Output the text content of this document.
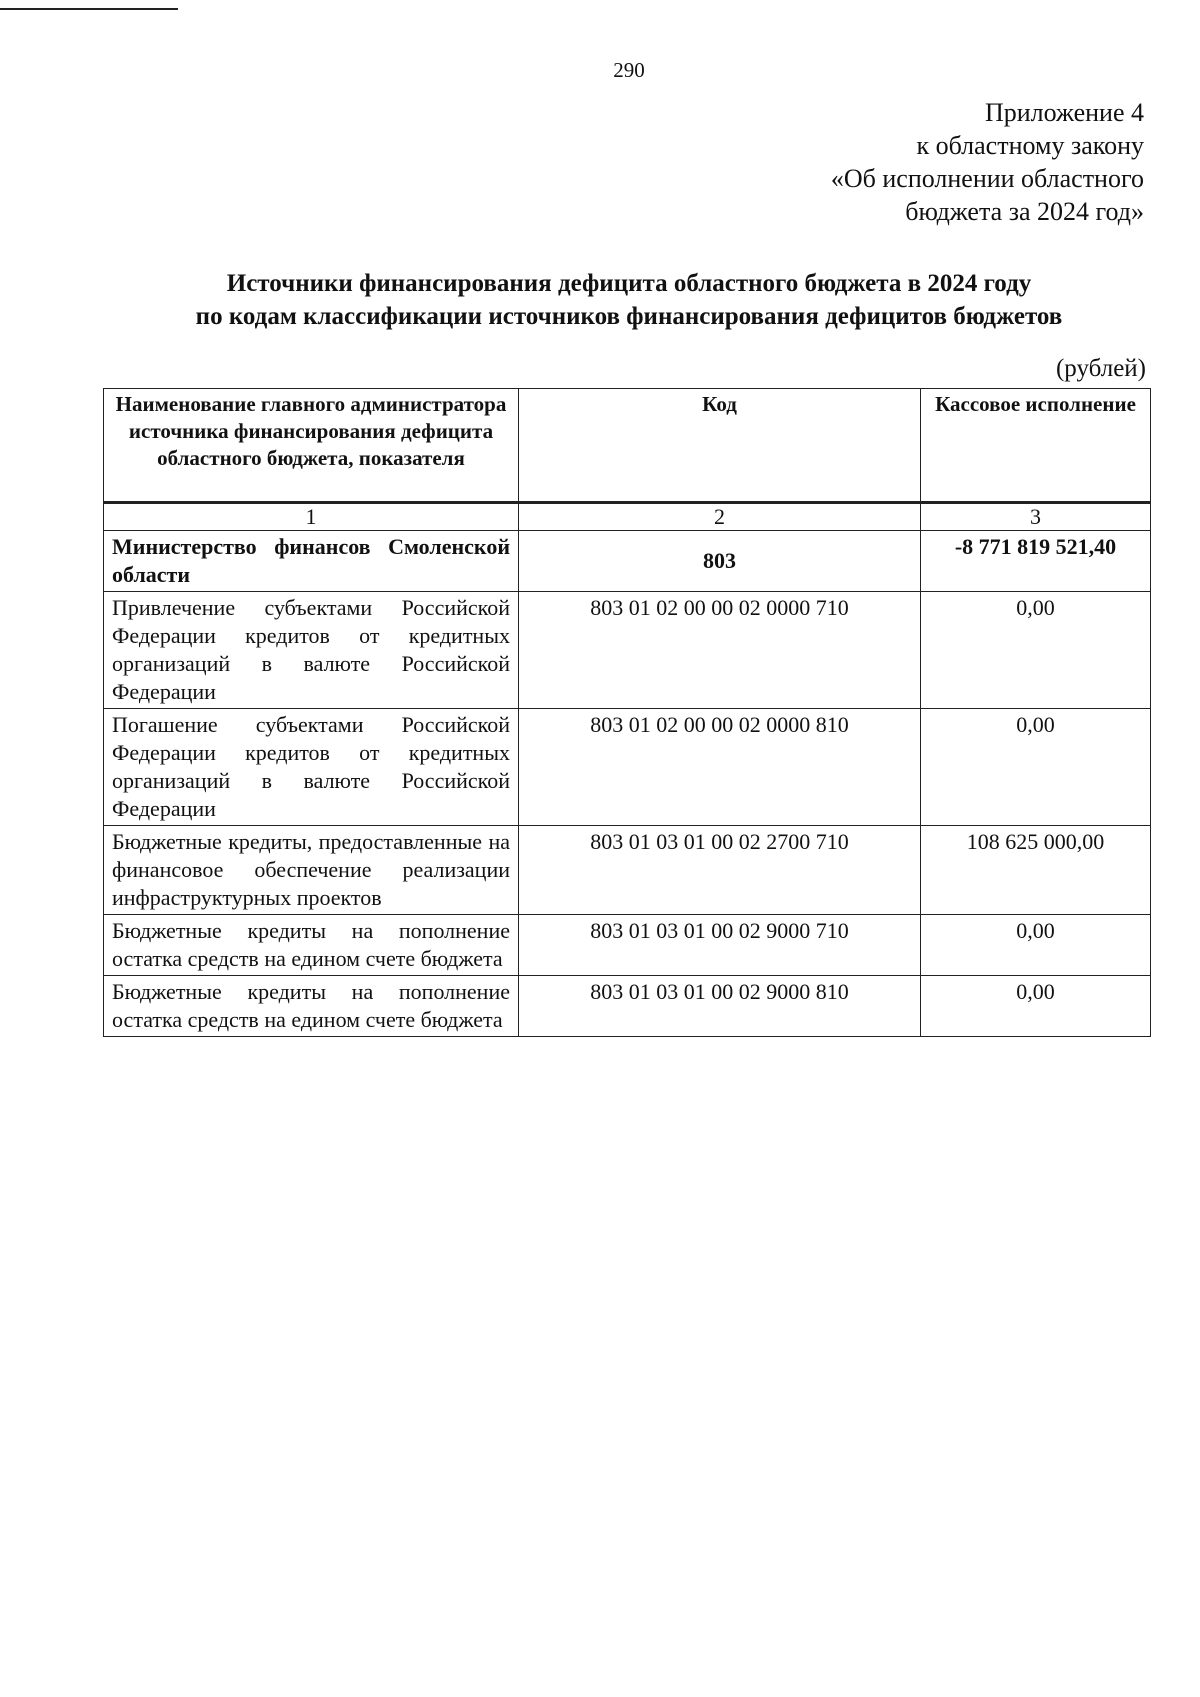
290
Приложение 4
к областному закону
«Об исполнении областного
бюджета за 2024 год»
Источники финансирования дефицита областного бюджета в 2024 году
по кодам классификации источников финансирования дефицитов бюджетов
(рублей)
Наименование главного администратора источника финансирования дефицита областного бюджета, показателя	Код	Кассовое исполнение
1	2	3
Министерство финансов Смоленской области	803	-8 771 819 521,40
Привлечение субъектами Российской Федерации кредитов от кредитных организаций в валюте Российской Федерации	803 01 02 00 00 02 0000 710	0,00
Погашение субъектами Российской Федерации кредитов от кредитных организаций в валюте Российской Федерации	803 01 02 00 00 02 0000 810	0,00
Бюджетные кредиты, предоставленные на финансовое обеспечение реализации инфраструктурных проектов	803 01 03 01 00 02 2700 710	108 625 000,00
Бюджетные кредиты на пополнение остатка средств на едином счете бюджета	803 01 03 01 00 02 9000 710	0,00
Бюджетные кредиты на пополнение остатка средств на едином счете бюджета	803 01 03 01 00 02 9000 810	0,00
